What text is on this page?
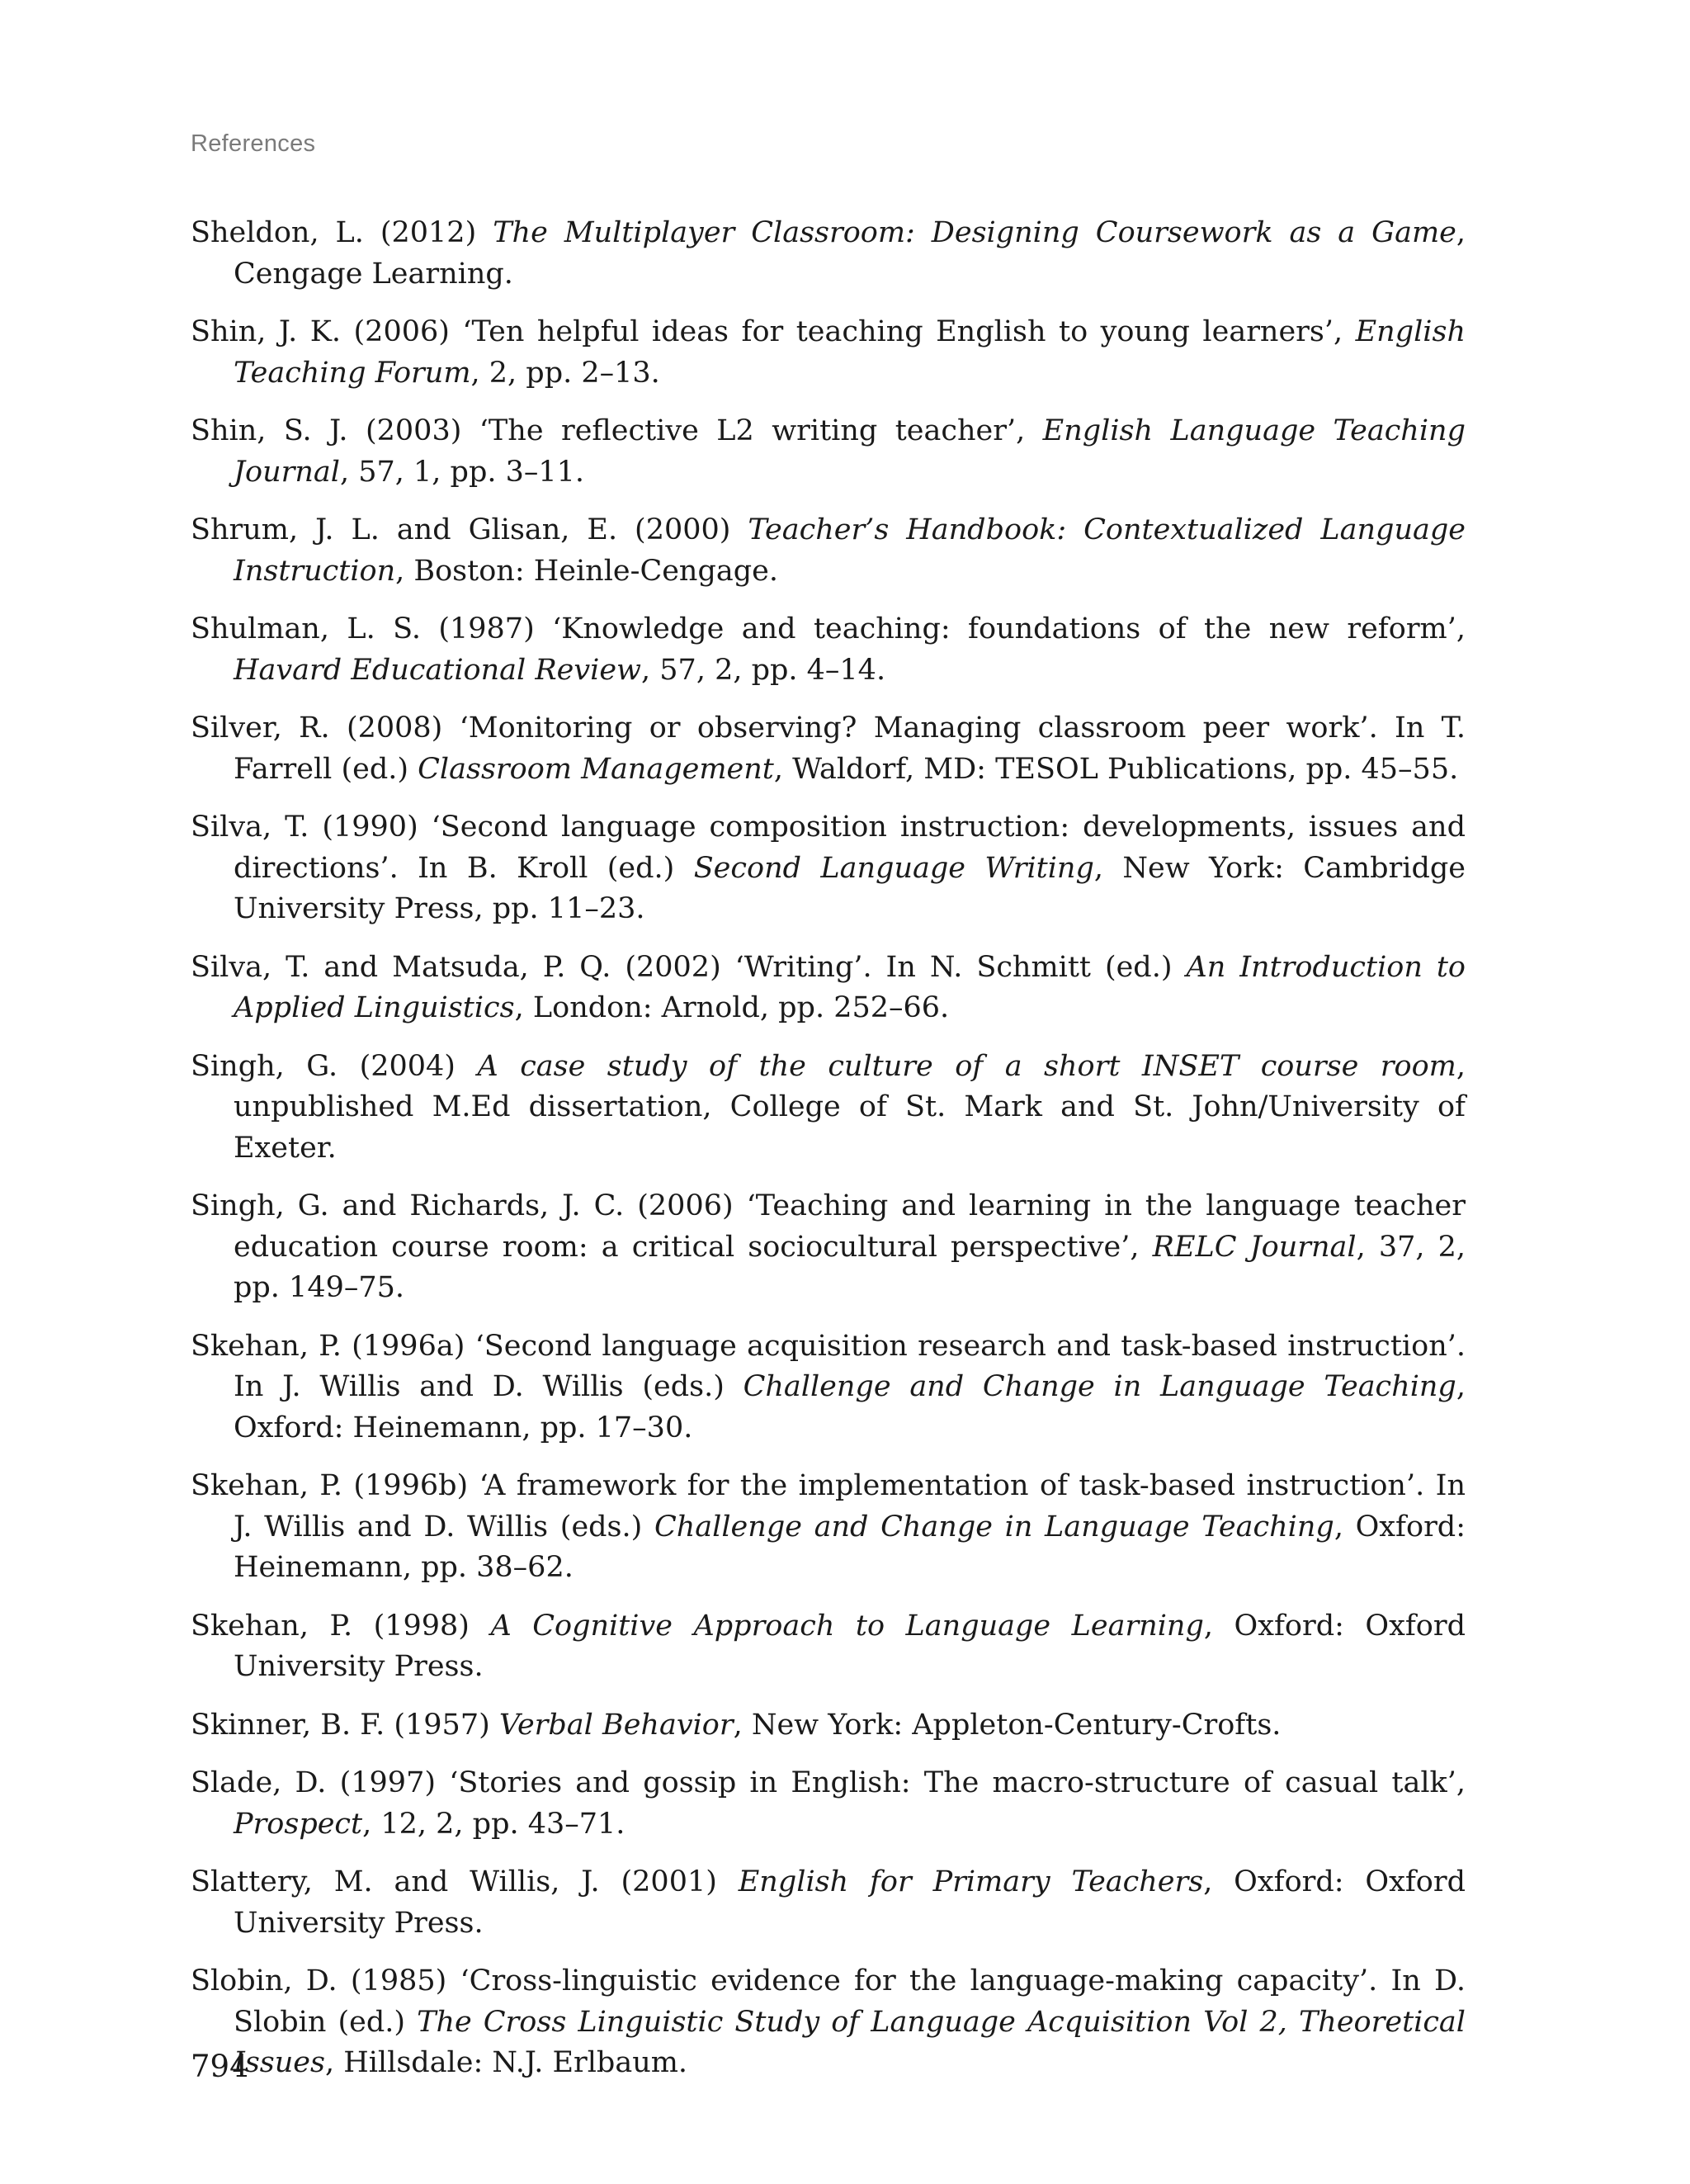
References
Sheldon, L. (2012) The Multiplayer Classroom: Designing Coursework as a Game, Cengage Learning.
Shin, J. K. (2006) ‘Ten helpful ideas for teaching English to young learners’, English Teaching Forum, 2, pp. 2–13.
Shin, S. J. (2003) ‘The reflective L2 writing teacher’, English Language Teaching Journal, 57, 1, pp. 3–11.
Shrum, J. L. and Glisan, E. (2000) Teacher’s Handbook: Contextualized Language Instruction, Boston: Heinle-Cengage.
Shulman, L. S. (1987) ‘Knowledge and teaching: foundations of the new reform’, Havard Educational Review, 57, 2, pp. 4–14.
Silver, R. (2008) ‘Monitoring or observing? Managing classroom peer work’. In T. Farrell (ed.) Classroom Management, Waldorf, MD: TESOL Publications, pp. 45–55.
Silva, T. (1990) ‘Second language composition instruction: developments, issues and directions’. In B. Kroll (ed.) Second Language Writing, New York: Cambridge University Press, pp. 11–23.
Silva, T. and Matsuda, P. Q. (2002) ‘Writing’. In N. Schmitt (ed.) An Introduction to Applied Linguistics, London: Arnold, pp. 252–66.
Singh, G. (2004) A case study of the culture of a short INSET course room, unpublished M.Ed dissertation, College of St. Mark and St. John/University of Exeter.
Singh, G. and Richards, J. C. (2006) ‘Teaching and learning in the language teacher education course room: a critical sociocultural perspective’, RELC Journal, 37, 2, pp. 149–75.
Skehan, P. (1996a) ‘Second language acquisition research and task-based instruction’. In J. Willis and D. Willis (eds.) Challenge and Change in Language Teaching, Oxford: Heinemann, pp. 17–30.
Skehan, P. (1996b) ‘A framework for the implementation of task-based instruction’. In J. Willis and D. Willis (eds.) Challenge and Change in Language Teaching, Oxford: Heinemann, pp. 38–62.
Skehan, P. (1998) A Cognitive Approach to Language Learning, Oxford: Oxford University Press.
Skinner, B. F. (1957) Verbal Behavior, New York: Appleton-Century-Crofts.
Slade, D. (1997) ‘Stories and gossip in English: The macro-structure of casual talk’, Prospect, 12, 2, pp. 43–71.
Slattery, M. and Willis, J. (2001) English for Primary Teachers, Oxford: Oxford University Press.
Slobin, D. (1985) ‘Cross-linguistic evidence for the language-making capacity’. In D. Slobin (ed.) The Cross Linguistic Study of Language Acquisition Vol 2, Theoretical Issues, Hillsdale: N.J. Erlbaum.
794
